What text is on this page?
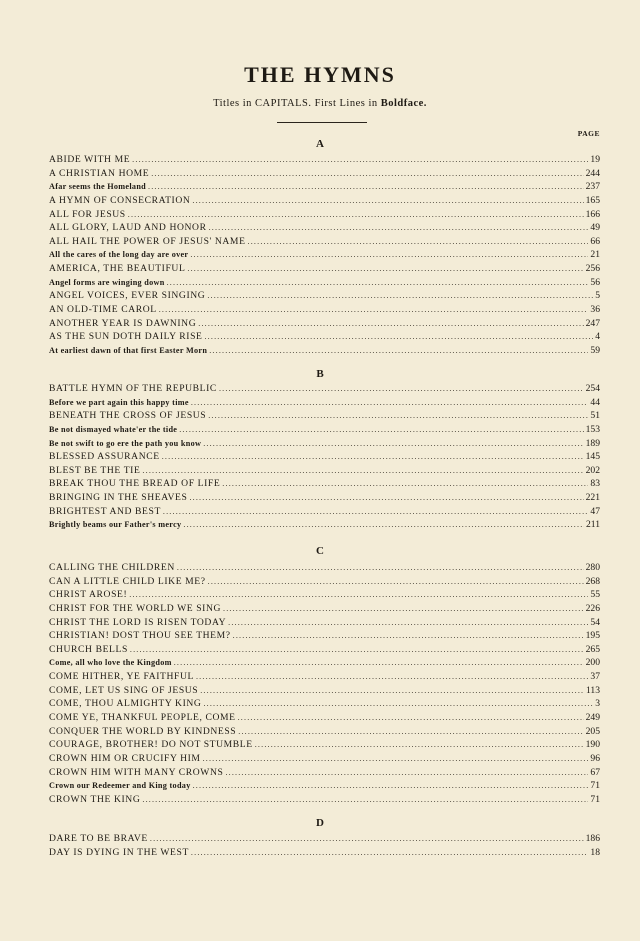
THE HYMNS
Titles in CAPITALS. First Lines in Boldface.
PAGE
A
ABIDE WITH ME .....	19
A CHRISTIAN HOME .....	244
Afar seems the Homeland .....	237
A HYMN OF CONSECRATION .....	165
ALL FOR JESUS .....	166
ALL GLORY, LAUD AND HONOR .....	49
ALL HAIL THE POWER OF JESUS' NAME .....	66
All the cares of the long day are over .....	21
AMERICA, THE BEAUTIFUL .....	256
Angel forms are winging down .....	56
ANGEL VOICES, EVER SINGING .....	5
AN OLD-TIME CAROL .....	36
ANOTHER YEAR IS DAWNING .....	247
AS THE SUN DOTH DAILY RISE .....	4
At earliest dawn of that first Easter Morn .....	59
B
BATTLE HYMN OF THE REPUBLIC .....	254
Before we part again this happy time .....	44
BENEATH THE CROSS OF JESUS .....	51
Be not dismayed whate'er the tide .....	153
Be not swift to go ere the path you know .....	189
BLESSED ASSURANCE .....	145
BLEST BE THE TIE .....	202
BREAK THOU THE BREAD OF LIFE .....	83
BRINGING IN THE SHEAVES .....	221
BRIGHTEST AND BEST .....	47
Brightly beams our Father's mercy .....	211
C
CALLING THE CHILDREN .....	280
CAN A LITTLE CHILD LIKE ME? .....	268
CHRIST AROSE! .....	55
CHRIST FOR THE WORLD WE SING .....	226
CHRIST THE LORD IS RISEN TODAY .....	54
CHRISTIAN! DOST THOU SEE THEM? .....	195
CHURCH BELLS .....	265
Come, all who love the Kingdom .....	200
COME HITHER, YE FAITHFUL .....	37
COME, LET US SING OF JESUS .....	113
COME, THOU ALMIGHTY KING .....	3
COME YE, THANKFUL PEOPLE, COME .....	249
CONQUER THE WORLD BY KINDNESS .....	205
COURAGE, BROTHER! DO NOT STUMBLE .....	190
CROWN HIM OR CRUCIFY HIM .....	96
CROWN HIM WITH MANY CROWNS .....	67
Crown our Redeemer and King today .....	71
CROWN THE KING .....	71
D
DARE TO BE BRAVE .....	186
DAY IS DYING IN THE WEST .....	18
